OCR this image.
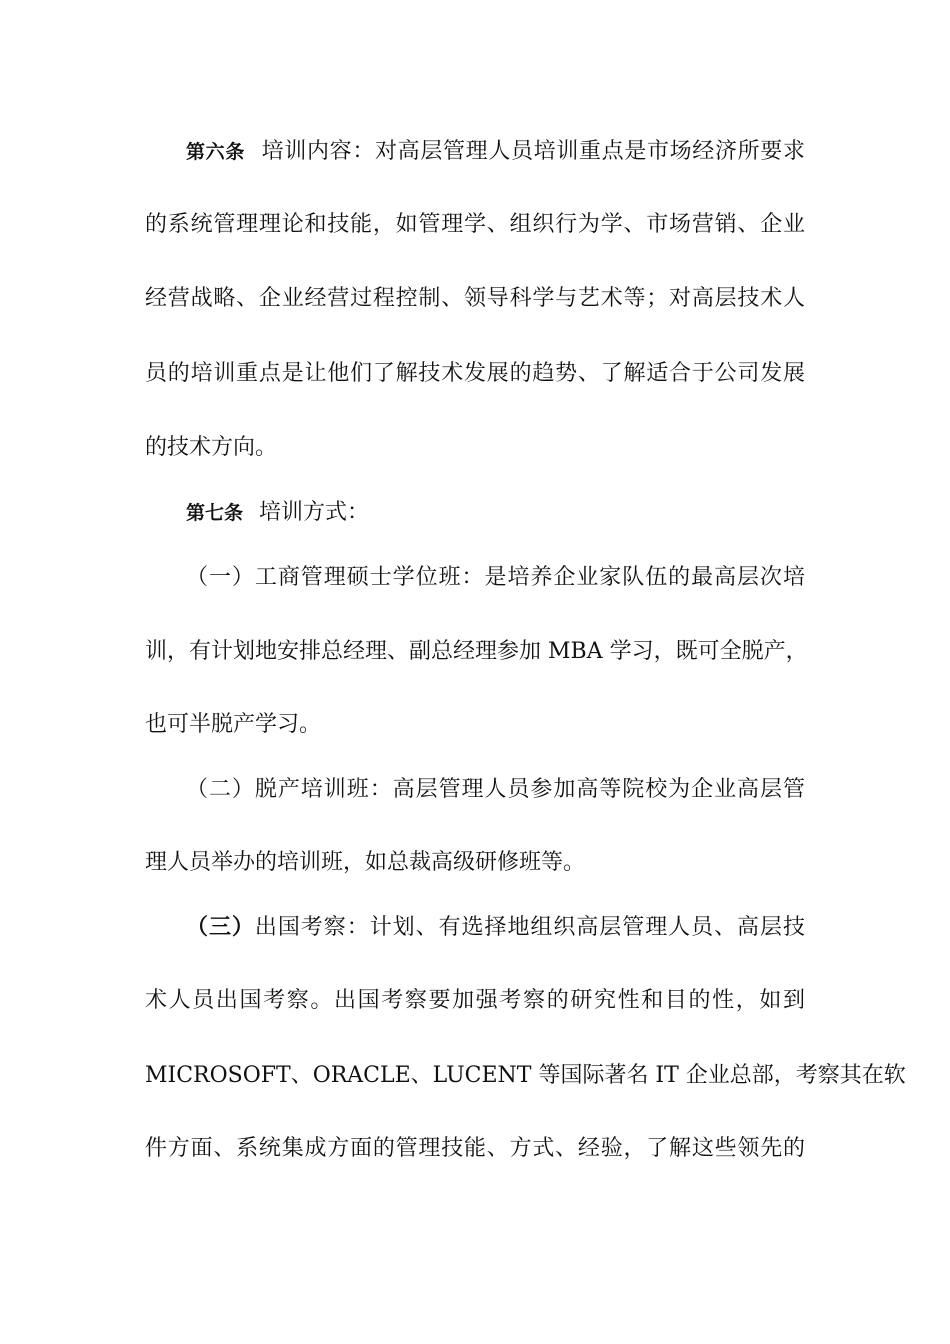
第六条 培训内容：对高层管理人员培训重点是市场经济所要求
的系统管理理论和技能，如管理学、组织行为学、市场营销、企业
经营战略、企业经营过程控制、领导科学与艺术等；对高层技术人
员的培训重点是让他们了解技术发展的趋势、了解适合于公司发展
的技术方向。
第七条 培训方式：
（一）工商管理硕士学位班：是培养企业家队伍的最高层次培
训，有计划地安排总经理、副总经理参加 MBA 学习，既可全脱产，
也可半脱产学习。
（二）脱产培训班：高层管理人员参加高等院校为企业高层管
理人员举办的培训班，如总裁高级研修班等。
（三）出国考察：计划、有选择地组织高层管理人员、高层技
术人员出国考察。出国考察要加强考察的研究性和目的性，如到
MICROSOFT、ORACLE、LUCENT 等国际著名 IT 企业总部，考察其在软
件方面、系统集成方面的管理技能、方式、经验，了解这些领先的
